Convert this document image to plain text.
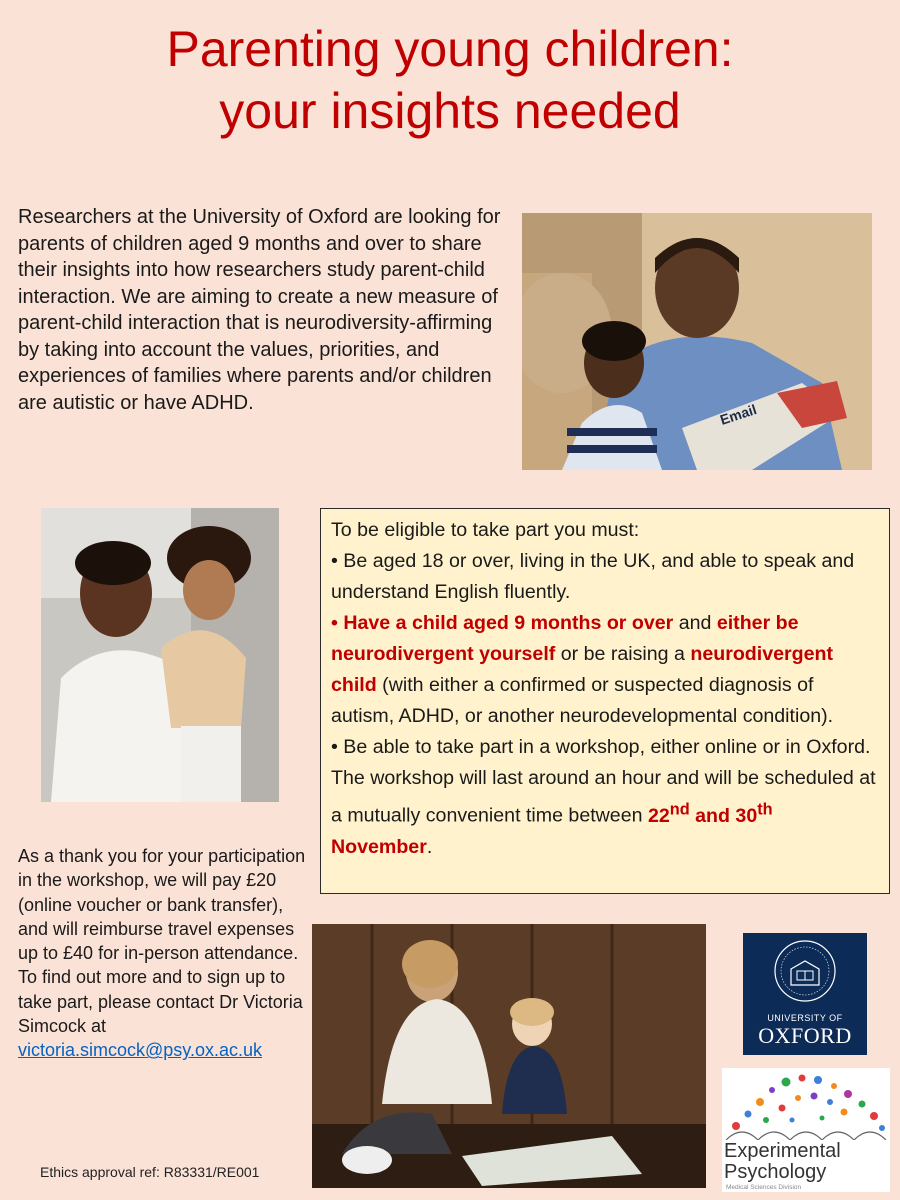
Parenting young children:
your insights needed
Researchers at the University of Oxford are looking for parents of children aged 9 months and over to share their insights into how researchers study parent-child interaction. We are aiming to create a new measure of parent-child interaction that is neurodiversity-affirming by taking into account the values, priorities, and experiences of families where parents and/or children are autistic or have ADHD.	Email

To be eligible to take part you must:

• Be aged 18 or over, living in the UK, and able to speak and understand English fluently.

• Have a child aged 9 months or over and either be neurodivergent yourself or be raising a neurodivergent child (with either a confirmed or suspected diagnosis of autism, ADHD, or another neurodevelopmental condition).

• Be able to take part in a workshop, either online or in Oxford. The workshop will last around an hour and will be scheduled at a mutually convenient time between 22nd and 30th November.

As a thank you for your participation in the workshop, we will pay £20 (online voucher or bank transfer), and will reimburse travel expenses up to £40 for in-person attendance.
To find out more and to sign up to take part, please contact Dr Victoria Simcock at
victoria.simcock@psy.ox.ac.uk
UNIVERSITY OF
OXFORD
Experimental
Psychology
Medical Sciences Division
Ethics approval ref: R83331/RE001
